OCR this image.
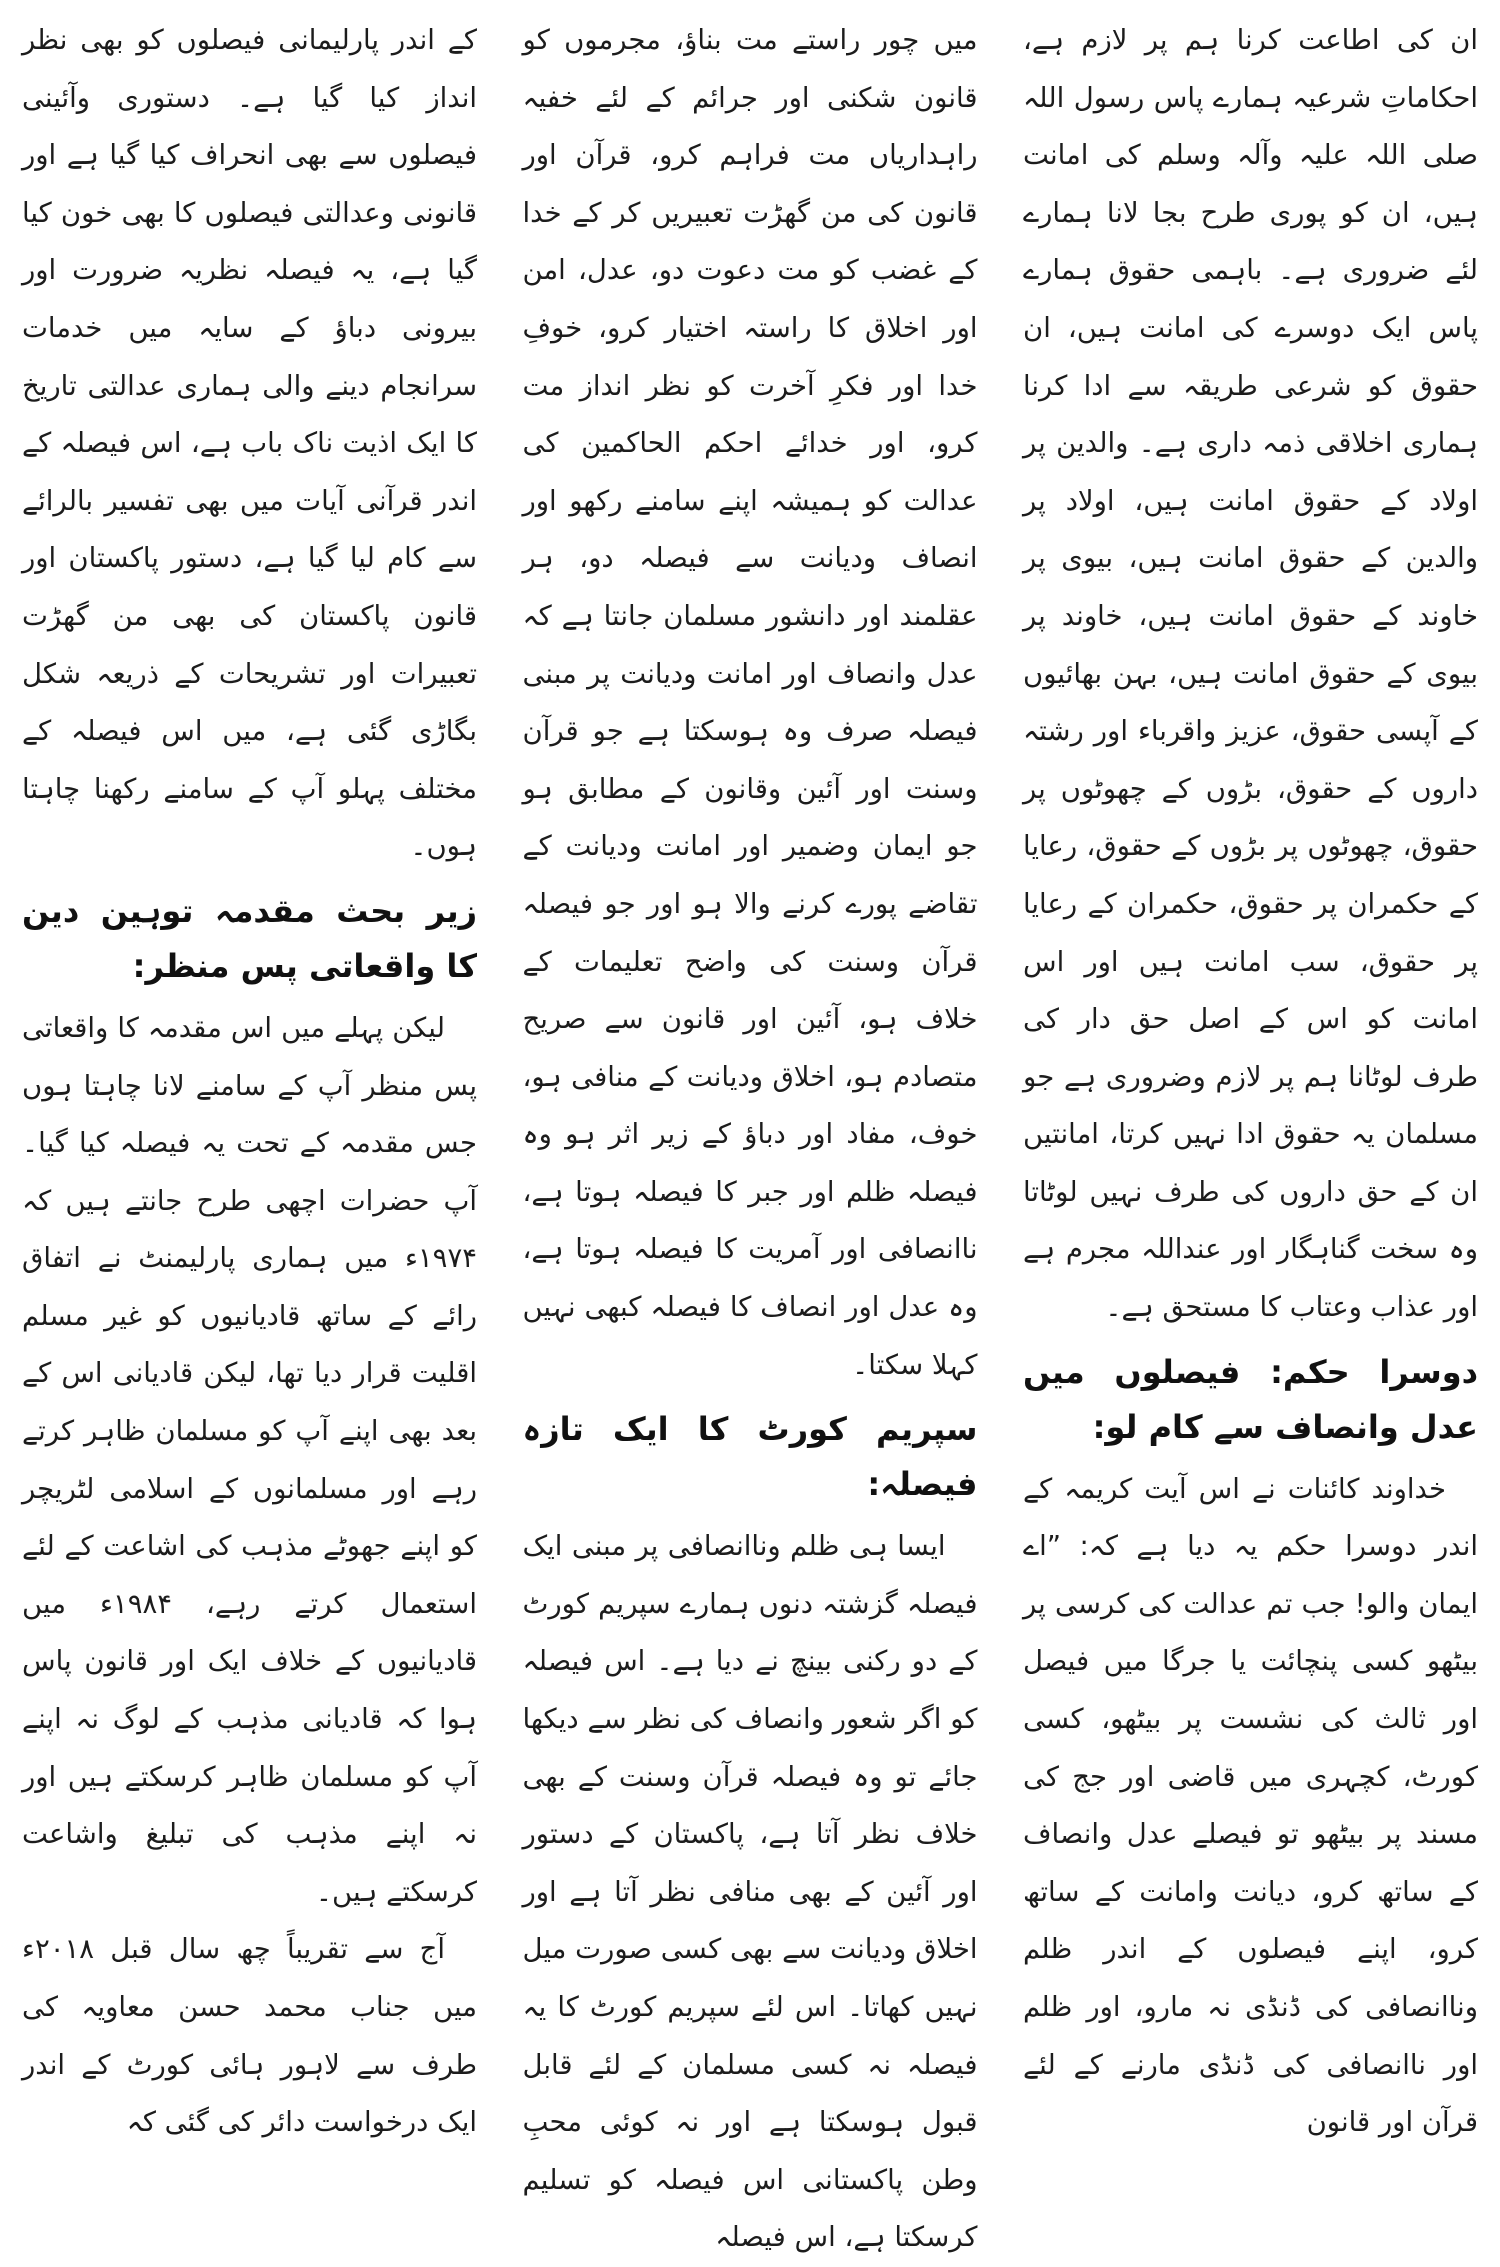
ان کی اطاعت کرنا ہم پر لازم ہے، احکاماتِ شرعیہ ہمارے پاس رسول اللہ صلی اللہ علیہ وآلہ وسلم کی امانت ہیں، ان کو پوری طرح بجا لانا ہمارے لئے ضروری ہے۔ باہمی حقوق ہمارے پاس ایک دوسرے کی امانت ہیں، ان حقوق کو شرعی طریقہ سے ادا کرنا ہماری اخلاقی ذمہ داری ہے۔ والدین پر اولاد کے حقوق امانت ہیں، اولاد پر والدین کے حقوق امانت ہیں، بیوی پر خاوند کے حقوق امانت ہیں، خاوند پر بیوی کے حقوق امانت ہیں، بہن بھائیوں کے آپسی حقوق، عزیز واقرباء اور رشتہ داروں کے حقوق، بڑوں کے چھوٹوں پر حقوق، چھوٹوں پر بڑوں کے حقوق، رعایا کے حکمران پر حقوق، حکمران کے رعایا پر حقوق، سب امانت ہیں اور اس امانت کو اس کے اصل حق دار کی طرف لوٹانا ہم پر لازم وضروری ہے جو مسلمان یہ حقوق ادا نہیں کرتا، امانتیں ان کے حق داروں کی طرف نہیں لوٹاتا وہ سخت گناہگار اور عنداللہ مجرم ہے اور عذاب وعتاب کا مستحق ہے۔

دوسرا حکم: فیصلوں میں عدل وانصاف سے کام لو:

خداوند کائنات نے اس آیت کریمہ کے اندر دوسرا حکم یہ دیا ہے کہ: ”اے ایمان والو! جب تم عدالت کی کرسی پر بیٹھو کسی پنچائت یا جرگا میں فیصل اور ثالث کی نشست پر بیٹھو، کسی کورٹ، کچہری میں قاضی اور جج کی مسند پر بیٹھو تو فیصلے عدل وانصاف کے ساتھ کرو، دیانت وامانت کے ساتھ کرو، اپنے فیصلوں کے اندر ظلم وناانصافی کی ڈنڈی نہ مارو، اور ظلم اور ناانصافی کی ڈنڈی مارنے کے لئے قرآن اور قانون

میں چور راستے مت بناؤ، مجرموں کو قانون شکنی اور جرائم کے لئے خفیہ راہداریاں مت فراہم کرو، قرآن اور قانون کی من گھڑت تعبیریں کر کے خدا کے غضب کو مت دعوت دو، عدل، امن اور اخلاق کا راستہ اختیار کرو، خوفِ خدا اور فکرِ آخرت کو نظر انداز مت کرو، اور خدائے احکم الحاکمین کی عدالت کو ہمیشہ اپنے سامنے رکھو اور انصاف ودیانت سے فیصلہ دو، ہر عقلمند اور دانشور مسلمان جانتا ہے کہ عدل وانصاف اور امانت ودیانت پر مبنی فیصلہ صرف وہ ہوسکتا ہے جو قرآن وسنت اور آئین وقانون کے مطابق ہو جو ایمان وضمیر اور امانت ودیانت کے تقاضے پورے کرنے والا ہو اور جو فیصلہ قرآن وسنت کی واضح تعلیمات کے خلاف ہو، آئین اور قانون سے صریح متصادم ہو، اخلاق ودیانت کے منافی ہو، خوف، مفاد اور دباؤ کے زیر اثر ہو وہ فیصلہ ظلم اور جبر کا فیصلہ ہوتا ہے، ناانصافی اور آمریت کا فیصلہ ہوتا ہے، وہ عدل اور انصاف کا فیصلہ کبھی نہیں کہلا سکتا۔

سپریم کورٹ کا ایک تازہ فیصلہ:

ایسا ہی ظلم وناانصافی پر مبنی ایک فیصلہ گزشتہ دنوں ہمارے سپریم کورٹ کے دو رکنی بینچ نے دیا ہے۔ اس فیصلہ کو اگر شعور وانصاف کی نظر سے دیکھا جائے تو وہ فیصلہ قرآن وسنت کے بھی خلاف نظر آتا ہے، پاکستان کے دستور اور آئین کے بھی منافی نظر آتا ہے اور اخلاق ودیانت سے بھی کسی صورت میل نہیں کھاتا۔ اس لئے سپریم کورٹ کا یہ فیصلہ نہ کسی مسلمان کے لئے قابل قبول ہوسکتا ہے اور نہ کوئی محبِ وطن پاکستانی اس فیصلہ کو تسلیم کرسکتا ہے، اس فیصلہ

کے اندر پارلیمانی فیصلوں کو بھی نظر انداز کیا گیا ہے۔ دستوری وآئینی فیصلوں سے بھی انحراف کیا گیا ہے اور قانونی وعدالتی فیصلوں کا بھی خون کیا گیا ہے، یہ فیصلہ نظریہ ضرورت اور بیرونی دباؤ کے سایہ میں خدمات سرانجام دینے والی ہماری عدالتی تاریخ کا ایک اذیت ناک باب ہے، اس فیصلہ کے اندر قرآنی آیات میں بھی تفسیر بالرائے سے کام لیا گیا ہے، دستور پاکستان اور قانون پاکستان کی بھی من گھڑت تعبیرات اور تشریحات کے ذریعہ شکل بگاڑی گئی ہے، میں اس فیصلہ کے مختلف پہلو آپ کے سامنے رکھنا چاہتا ہوں۔

زیر بحث مقدمہ توہین دین کا واقعاتی پس منظر:

لیکن پہلے میں اس مقدمہ کا واقعاتی پس منظر آپ کے سامنے لانا چاہتا ہوں جس مقدمہ کے تحت یہ فیصلہ کیا گیا۔ آپ حضرات اچھی طرح جانتے ہیں کہ ۱۹۷۴ء میں ہماری پارلیمنٹ نے اتفاق رائے کے ساتھ قادیانیوں کو غیر مسلم اقلیت قرار دیا تھا، لیکن قادیانی اس کے بعد بھی اپنے آپ کو مسلمان ظاہر کرتے رہے اور مسلمانوں کے اسلامی لٹریچر کو اپنے جھوٹے مذہب کی اشاعت کے لئے استعمال کرتے رہے، ۱۹۸۴ء میں قادیانیوں کے خلاف ایک اور قانون پاس ہوا کہ قادیانی مذہب کے لوگ نہ اپنے آپ کو مسلمان ظاہر کرسکتے ہیں اور نہ اپنے مذہب کی تبلیغ واشاعت کرسکتے ہیں۔

آج سے تقریباً چھ سال قبل ۲۰۱۸ء میں جناب محمد حسن معاویہ کی طرف سے لاہور ہائی کورٹ کے اندر ایک درخواست دائر کی گئی کہ
